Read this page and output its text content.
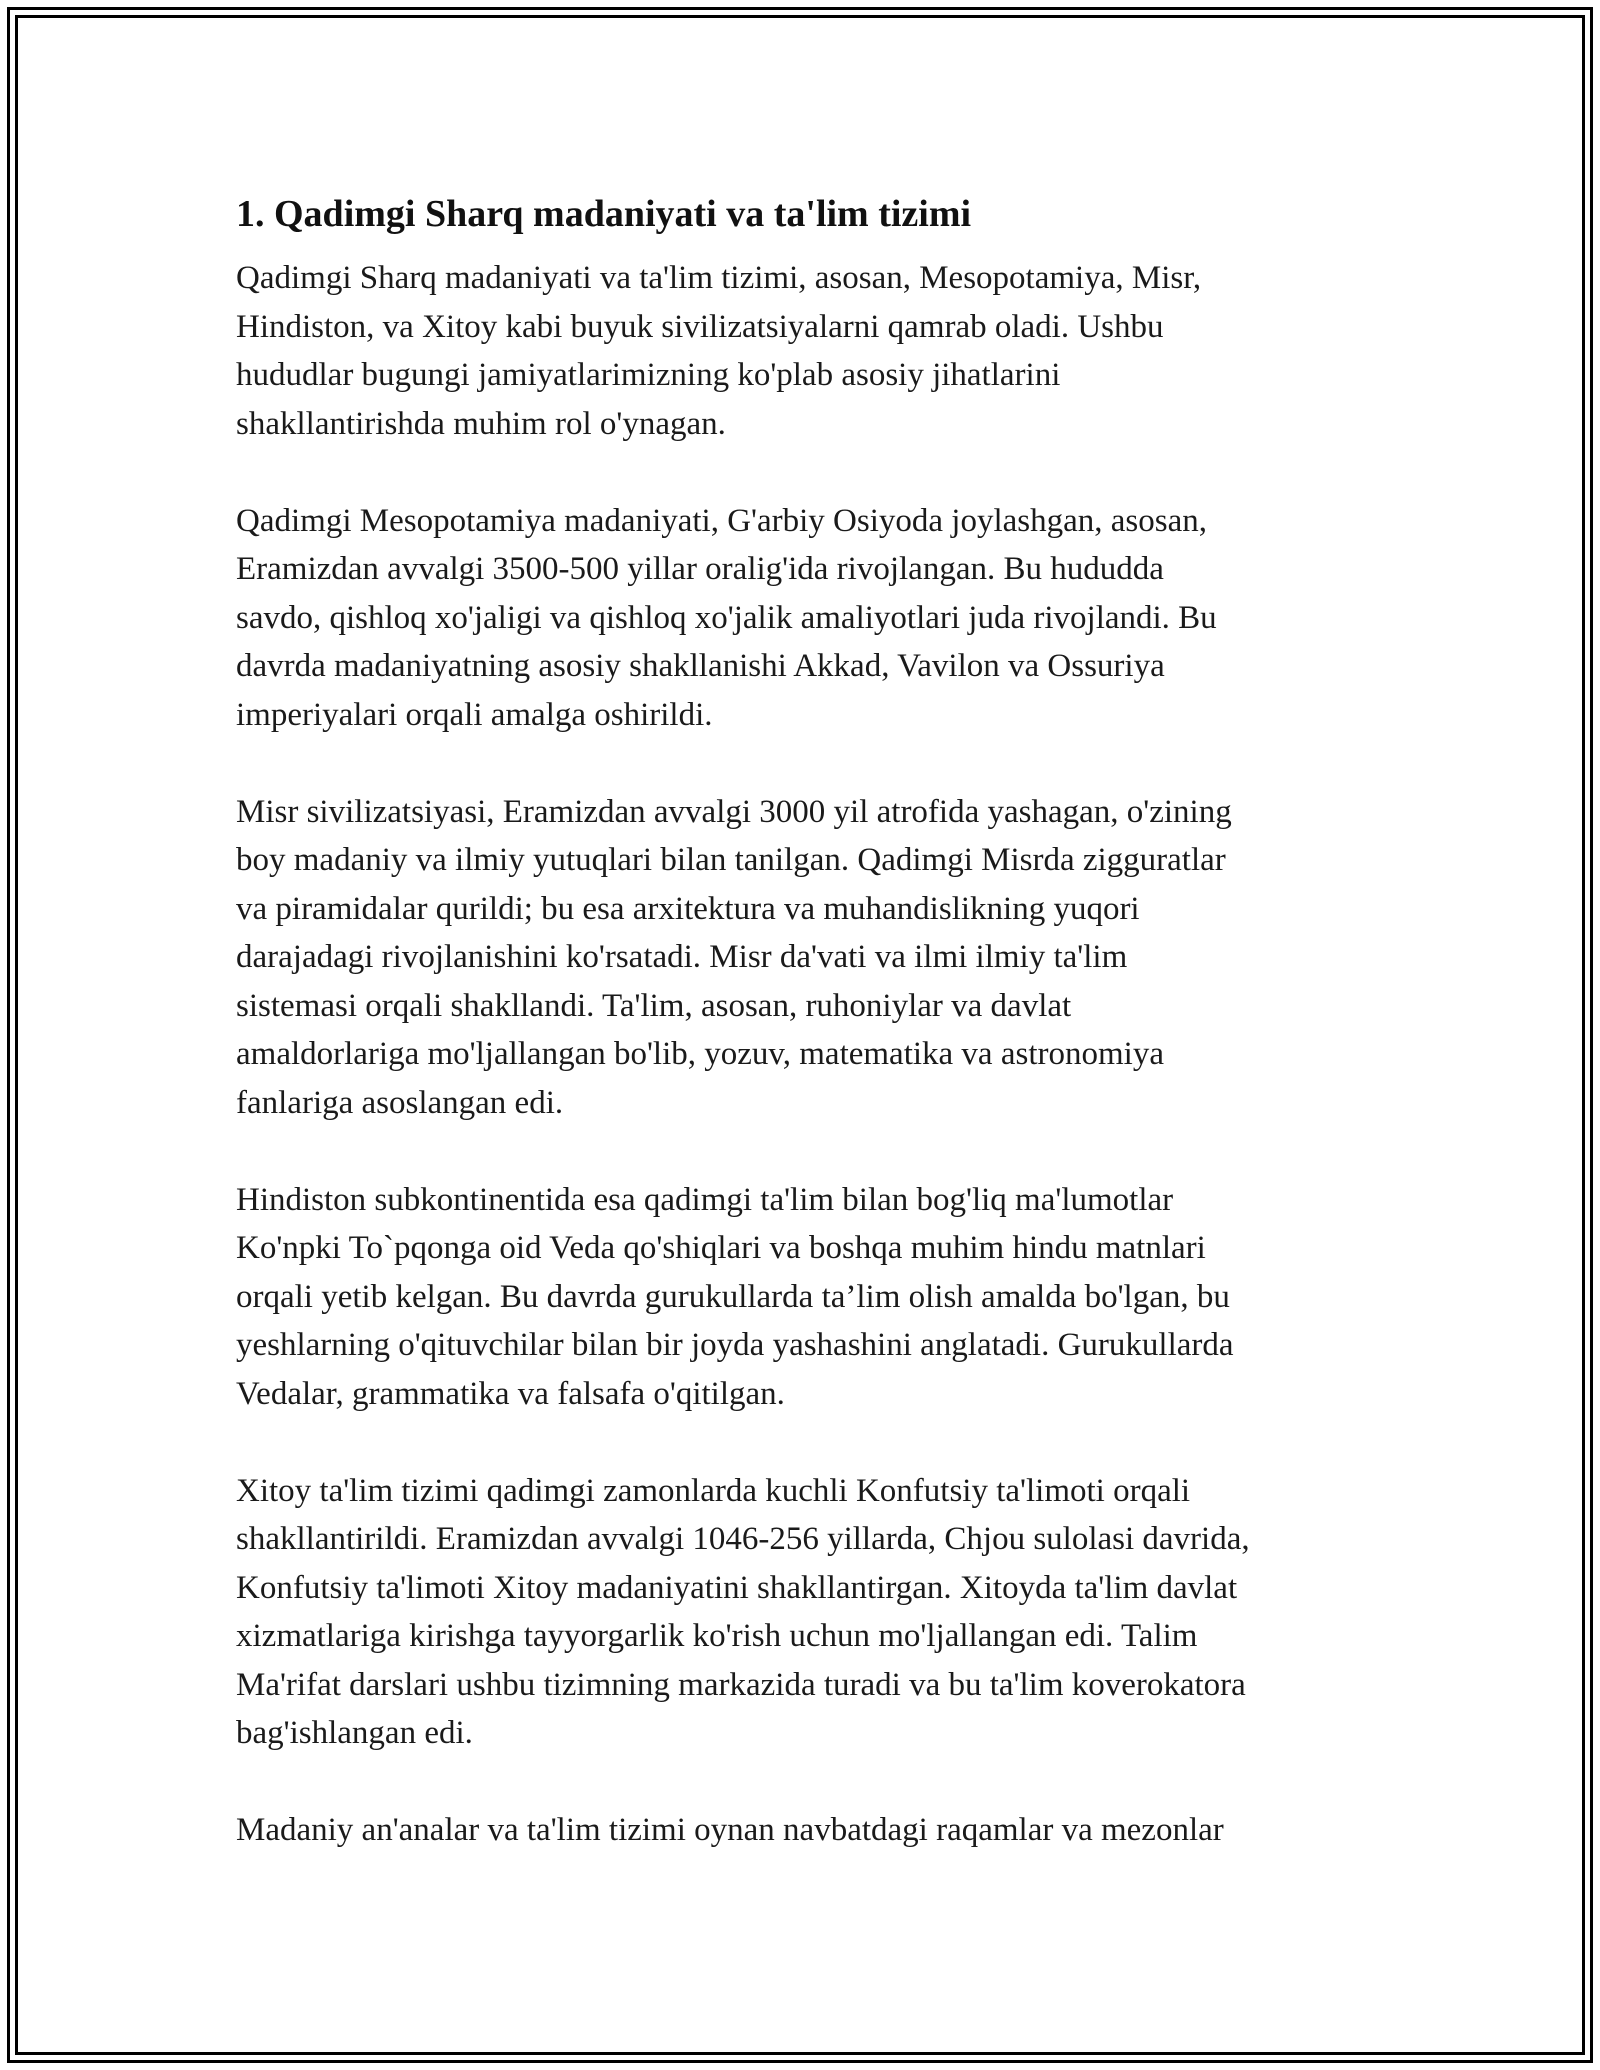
1. Qadimgi Sharq madaniyati va ta'lim tizimi

Qadimgi Sharq madaniyati va ta'lim tizimi, asosan, Mesopotamiya, Misr,
Hindiston, va Xitoy kabi buyuk sivilizatsiyalarni qamrab oladi. Ushbu
hududlar bugungi jamiyatlarimizning ko'plab asosiy jihatlarini
shakllantirishda muhim rol o'ynagan.

Qadimgi Mesopotamiya madaniyati, G'arbiy Osiyoda joylashgan, asosan,
Eramizdan avvalgi 3500-500 yillar oralig'ida rivojlangan. Bu hududda
savdo, qishloq xo'jaligi va qishloq xo'jalik amaliyotlari juda rivojlandi. Bu
davrda madaniyatning asosiy shakllanishi Akkad, Vavilon va Ossuriya
imperiyalari orqali amalga oshirildi.

Misr sivilizatsiyasi, Eramizdan avvalgi 3000 yil atrofida yashagan, o'zining
boy madaniy va ilmiy yutuqlari bilan tanilgan. Qadimgi Misrda zigguratlar
va piramidalar qurildi; bu esa arxitektura va muhandislikning yuqori
darajadagi rivojlanishini ko'rsatadi. Misr da'vati va ilmi ilmiy ta'lim
sistemasi orqali shakllandi. Ta'lim, asosan, ruhoniylar va davlat
amaldorlariga mo'ljallangan bo'lib, yozuv, matematika va astronomiya
fanlariga asoslangan edi.

Hindiston subkontinentida esa qadimgi ta'lim bilan bog'liq ma'lumotlar
Ko'npki To`pqonga oid Veda qo'shiqlari va boshqa muhim hindu matnlari
orqali yetib kelgan. Bu davrda gurukullarda ta’lim olish amalda bo'lgan, bu
yeshlarning o'qituvchilar bilan bir joyda yashashini anglatadi. Gurukullarda
Vedalar, grammatika va falsafa o'qitilgan.

Xitoy ta'lim tizimi qadimgi zamonlarda kuchli Konfutsiy ta'limoti orqali
shakllantirildi. Eramizdan avvalgi 1046-256 yillarda, Chjou sulolasi davrida,
Konfutsiy ta'limoti Xitoy madaniyatini shakllantirgan. Xitoyda ta'lim davlat
xizmatlariga kirishga tayyorgarlik ko'rish uchun mo'ljallangan edi. Talim
Ma'rifat darslari ushbu tizimning markazida turadi va bu ta'lim koverokatora
bag'ishlangan edi.

Madaniy an'analar va ta'lim tizimi oynan navbatdagi raqamlar va mezonlar
